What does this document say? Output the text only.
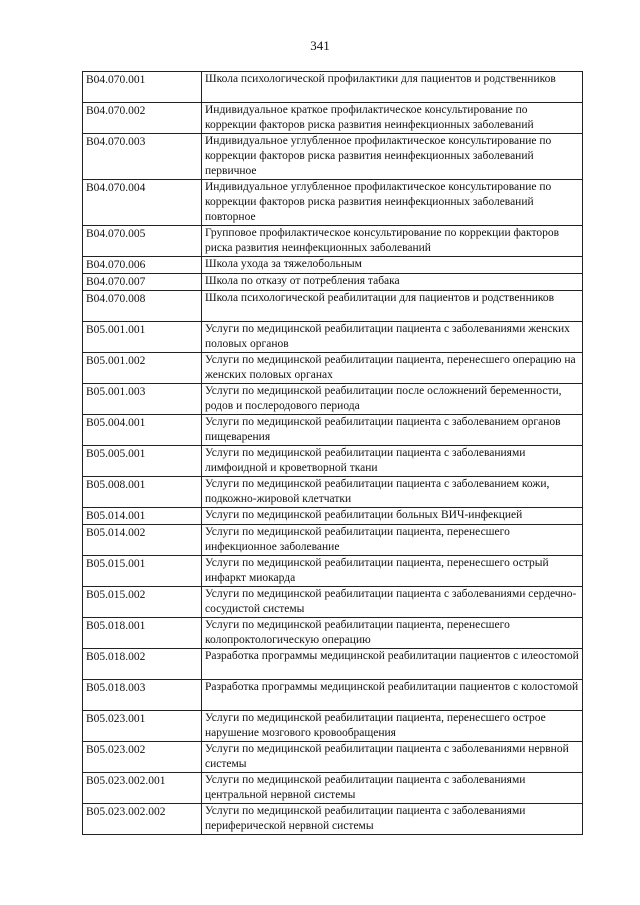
341
В04.070.001	Школа психологической профилактики для пациентов и родственников
В04.070.002	Индивидуальное краткое профилактическое консультирование по коррекции факторов риска развития неинфекционных заболеваний
В04.070.003	Индивидуальное углубленное профилактическое консультирование по коррекции факторов риска развития неинфекционных заболеваний первичное
В04.070.004	Индивидуальное углубленное профилактическое консультирование по коррекции факторов риска развития неинфекционных заболеваний повторное
В04.070.005	Групповое профилактическое консультирование по коррекции факторов риска развития неинфекционных заболеваний
В04.070.006	Школа ухода за тяжелобольным
В04.070.007	Школа по отказу от потребления табака
В04.070.008	Школа психологической реабилитации для пациентов и родственников
В05.001.001	Услуги по медицинской реабилитации пациента с заболеваниями женских половых органов
В05.001.002	Услуги по медицинской реабилитации пациента, перенесшего операцию на женских половых органах
В05.001.003	Услуги по медицинской реабилитации после осложнений беременности, родов и послеродового периода
В05.004.001	Услуги по медицинской реабилитации пациента с заболеванием органов пищеварения
В05.005.001	Услуги по медицинской реабилитации пациента с заболеваниями лимфоидной и кроветворной ткани
В05.008.001	Услуги по медицинской реабилитации пациента с заболеванием кожи, подкожно-жировой клетчатки
В05.014.001	Услуги по медицинской реабилитации больных ВИЧ-инфекцией
В05.014.002	Услуги по медицинской реабилитации пациента, перенесшего инфекционное заболевание
В05.015.001	Услуги по медицинской реабилитации пациента, перенесшего острый инфаркт миокарда
В05.015.002	Услуги по медицинской реабилитации пациента с заболеваниями сердечно-сосудистой системы
В05.018.001	Услуги по медицинской реабилитации пациента, перенесшего колопроктологическую операцию
В05.018.002	Разработка программы медицинской реабилитации пациентов с илеостомой
В05.018.003	Разработка программы медицинской реабилитации пациентов с колостомой
В05.023.001	Услуги по медицинской реабилитации пациента, перенесшего острое нарушение мозгового кровообращения
В05.023.002	Услуги по медицинской реабилитации пациента с заболеваниями нервной системы
В05.023.002.001	Услуги по медицинской реабилитации пациента с заболеваниями центральной нервной системы
В05.023.002.002	Услуги по медицинской реабилитации пациента с заболеваниями периферической нервной системы
